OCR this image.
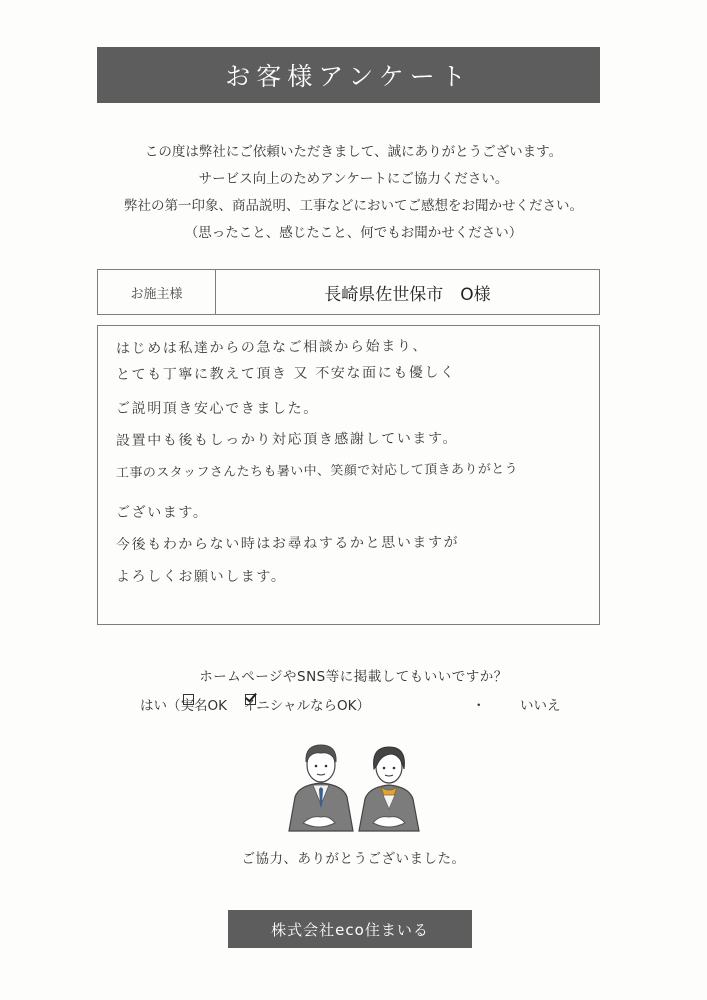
お客様アンケート
この度は弊社にご依頼いただきまして、誠にありがとうございます。
サービス向上のためアンケートにご協力ください。
弊社の第一印象、商品説明、工事などにおいてご感想をお聞かせください。
（思ったこと、感じたこと、何でもお聞かせください）
お施主様	長崎県佐世保市　O様
はじめは私達からの急なご相談から始まり、
とても丁寧に教えて頂き 又 不安な面にも優しく
ご説明頂き安心できました。
設置中も後もしっかり対応頂き感謝しています。
工事のスタッフさんたちも暑い中、笑顔で対応して頂きありがとう
ございます。
今後もわからない時はお尋ねするかと思いますが
よろしくお願いします。
ホームページやSNS等に掲載してもいいですか？
はい（
実名OK イニシャルならOK）	・	いいえ
ご協力、ありがとうございました。
株式会社eco住まいる
